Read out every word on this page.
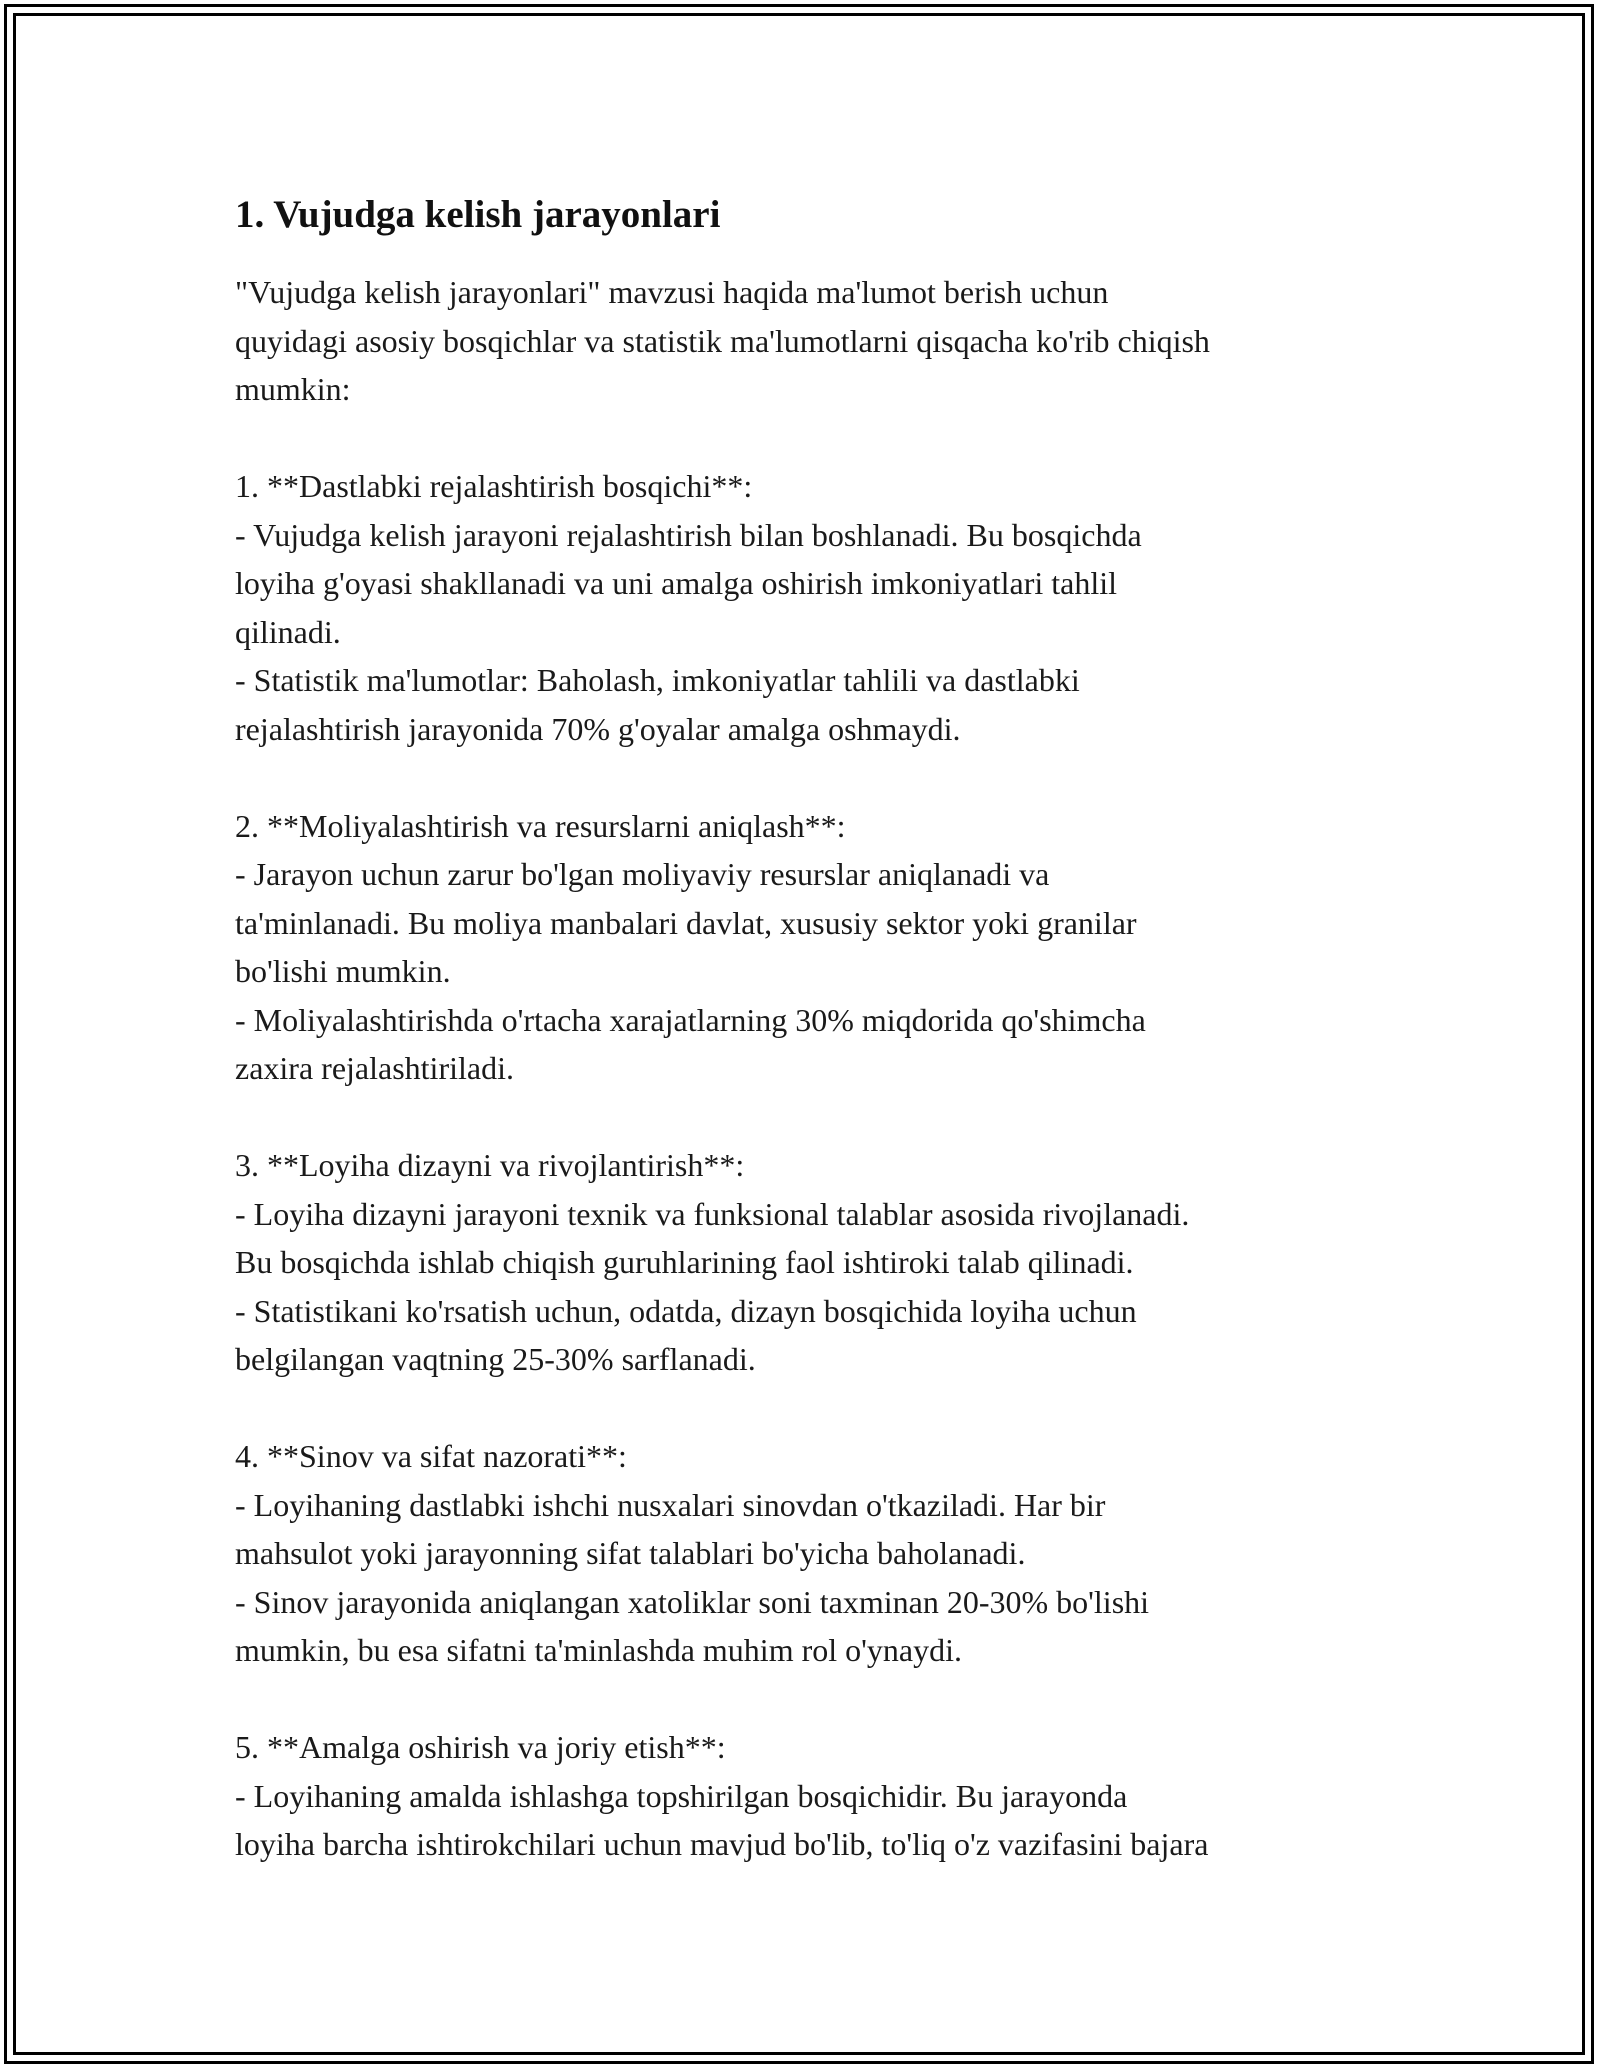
1. Vujudga kelish jarayonlari

"Vujudga kelish jarayonlari" mavzusi haqida ma'lumot berish uchun

quyidagi asosiy bosqichlar va statistik ma'lumotlarni qisqacha ko'rib chiqish

mumkin:

1. **Dastlabki rejalashtirish bosqichi**:

- Vujudga kelish jarayoni rejalashtirish bilan boshlanadi. Bu bosqichda

loyiha g'oyasi shakllanadi va uni amalga oshirish imkoniyatlari tahlil

qilinadi.

- Statistik ma'lumotlar: Baholash, imkoniyatlar tahlili va dastlabki

rejalashtirish jarayonida 70% g'oyalar amalga oshmaydi.

2. **Moliyalashtirish va resurslarni aniqlash**:

- Jarayon uchun zarur bo'lgan moliyaviy resurslar aniqlanadi va

ta'minlanadi. Bu moliya manbalari davlat, xususiy sektor yoki granilar

bo'lishi mumkin.

- Moliyalashtirishda o'rtacha xarajatlarning 30% miqdorida qo'shimcha

zaxira rejalashtiriladi.

3. **Loyiha dizayni va rivojlantirish**:

- Loyiha dizayni jarayoni texnik va funksional talablar asosida rivojlanadi.

Bu bosqichda ishlab chiqish guruhlarining faol ishtiroki talab qilinadi.

- Statistikani ko'rsatish uchun, odatda, dizayn bosqichida loyiha uchun

belgilangan vaqtning 25-30% sarflanadi.

4. **Sinov va sifat nazorati**:

- Loyihaning dastlabki ishchi nusxalari sinovdan o'tkaziladi. Har bir

mahsulot yoki jarayonning sifat talablari bo'yicha baholanadi.

- Sinov jarayonida aniqlangan xatoliklar soni taxminan 20-30% bo'lishi

mumkin, bu esa sifatni ta'minlashda muhim rol o'ynaydi.

5. **Amalga oshirish va joriy etish**:

- Loyihaning amalda ishlashga topshirilgan bosqichidir. Bu jarayonda

loyiha barcha ishtirokchilari uchun mavjud bo'lib, to'liq o'z vazifasini bajara
